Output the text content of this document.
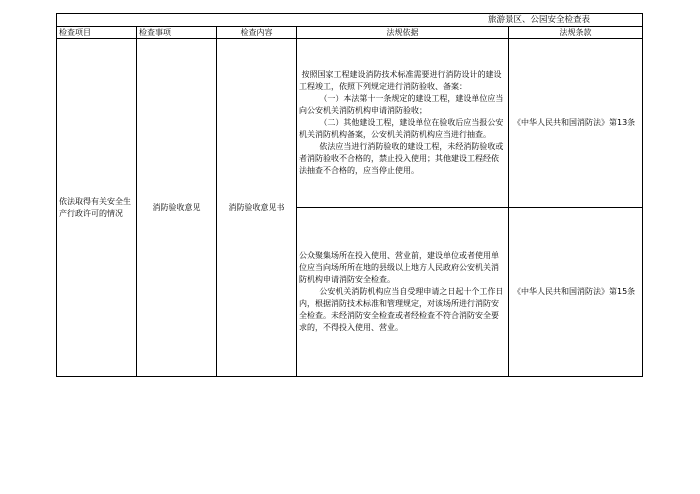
旅游景区、公园安全检查表				
检查项目	检查事项	检查内容	法规依据	法规条款
依法取得有关安全生产行政许可的情况	消防验收意见	消防验收意见书	按照国家工程建设消防技术标准需要进行消防设计的建设工程竣工，依照下列规定进行消防验收、备案：
（一）本法第十一条规定的建设工程，建设单位应当向公安机关消防机构申请消防验收；
（二）其他建设工程，建设单位在验收后应当报公安机关消防机构备案，公安机关消防机构应当进行抽查。
依法应当进行消防验收的建设工程，未经消防验收或者消防验收不合格的，禁止投入使用；其他建设工程经依法抽查不合格的，应当停止使用。	《中华人民共和国消防法》第13条

			公众聚集场所在投入使用、营业前，建设单位或者使用单位应当向场所所在地的县级以上地方人民政府公安机关消防机构申请消防安全检查。
公安机关消防机构应当自受理申请之日起十个工作日内，根据消防技术标准和管理规定，对该场所进行消防安全检查。未经消防安全检查或者经检查不符合消防安全要求的，不得投入使用、营业。	《中华人民共和国消防法》第15条
